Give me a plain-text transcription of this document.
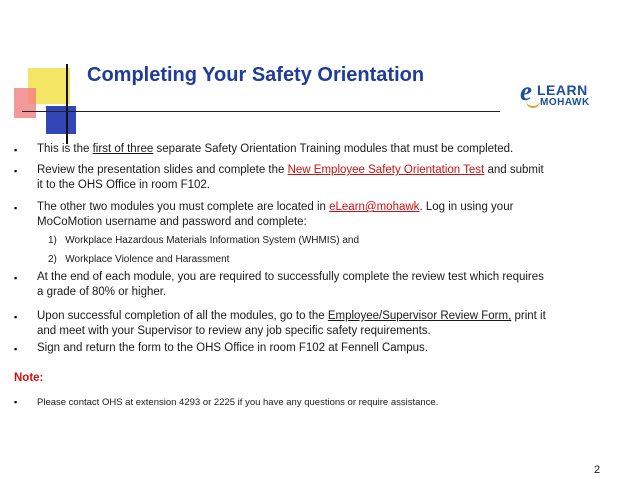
Completing Your Safety Orientation
e LEARN
MOHAWK
▪ This is the first of three separate Safety Orientation Training modules that must be completed.
▪ Review the presentation slides and complete the New Employee Safety Orientation Test and submit it to the OHS Office in room F102.
▪ The other two modules you must complete are located in eLearn@mohawk. Log in using your MoCoMotion username and password and complete:
1) Workplace Hazardous Materials Information System (WHMIS) and
2) Workplace Violence and Harassment
▪ At the end of each module, you are required to successfully complete the review test which requires a grade of 80% or higher.
▪ Upon successful completion of all the modules, go to the Employee/Supervisor Review Form, print it and meet with your Supervisor to review any job specific safety requirements.
▪ Sign and return the form to the OHS Office in room F102 at Fennell Campus.
Note:
▪ Please contact OHS at extension 4293 or 2225 if you have any questions or require assistance.
2
